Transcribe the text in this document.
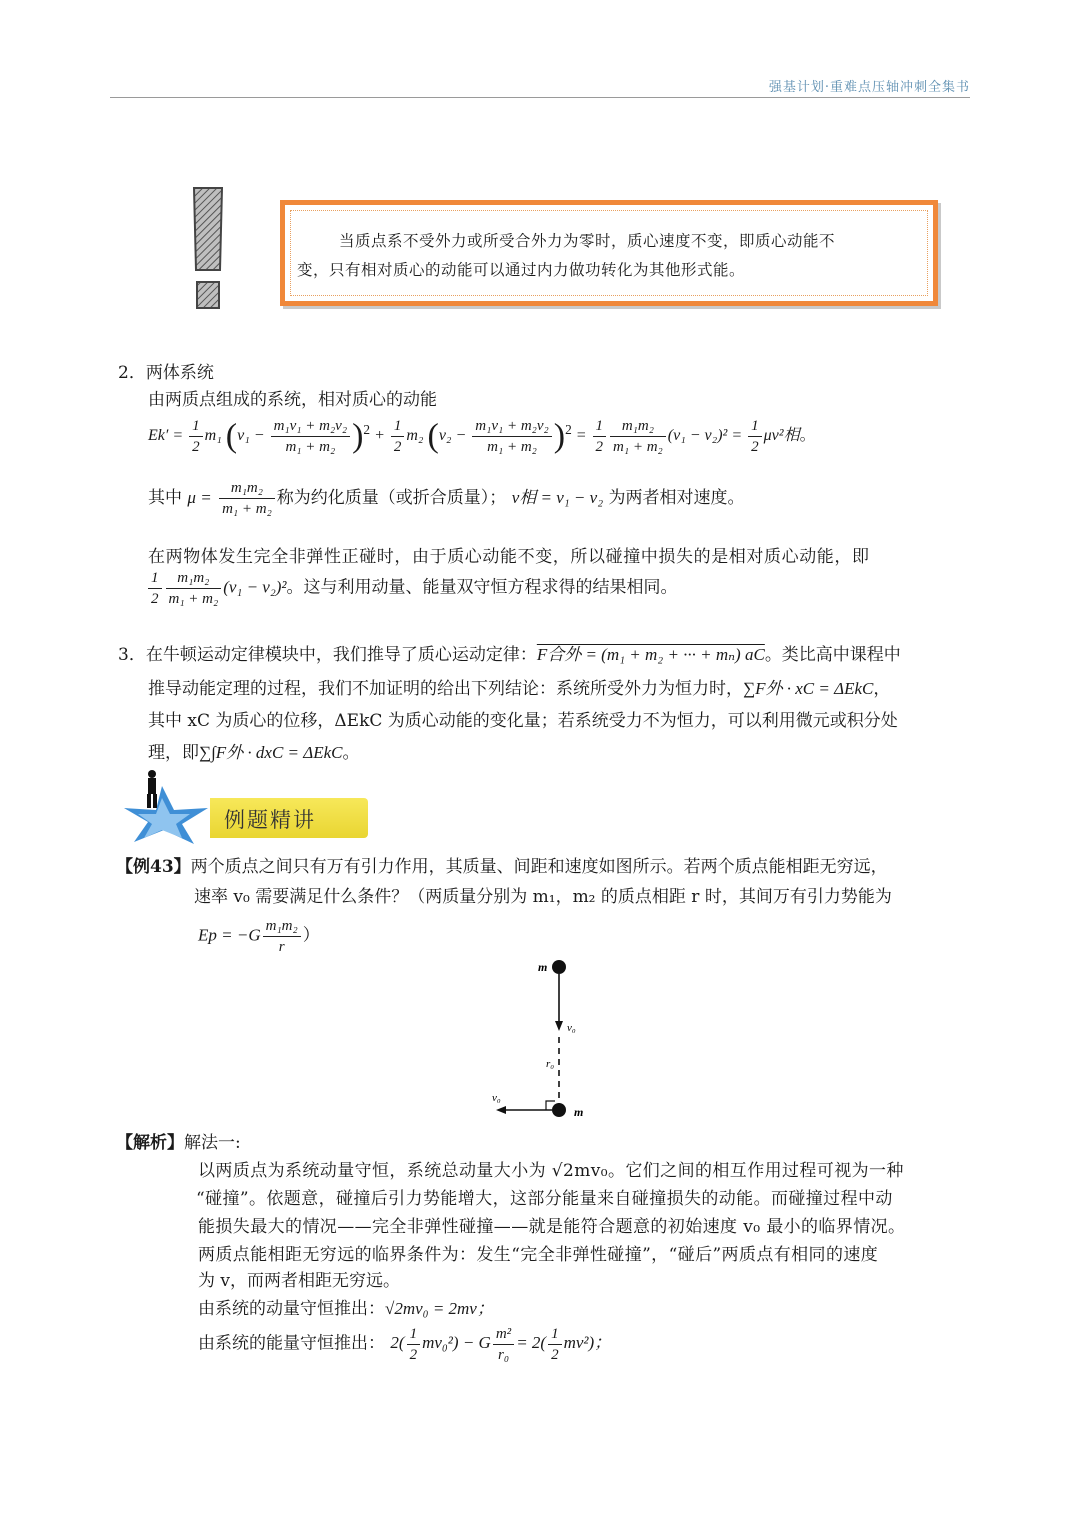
强基计划·重难点压轴冲刺全集书
当质点系不受外力或所受合外力为零时，质心速度不变，即质心动能不
变，只有相对质心的动能可以通过内力做功转化为其他形式能。
2．两体系统
由两质点组成的系统，相对质心的动能
$Ek' = \frac{1}{2} m_1$ $(v_1 - \frac{\text{m₁v₁ + m₂v₂}}{\text{m₁ + m₂}} )^2 + \frac{1}{2} m_2$ $(v_2 - \frac{\text{m₁v₁ + m₂v₂}}{\text{m₁ + m₂}} )^2 = \frac{1}{2} \frac{\text{m₁m₂}}{\text{m₁ + m₂}} (v_1 - v_2)^2 = \frac{1}{2} \mu v^2$相。
其中 $\mu = \frac{\text{m₁m₂}}{\text{m₁ + m₂}}$ 称为约化质量（或折合质量）； v相 = v₁ − v₂ 为两者相对速度。
在两物体发生完全非弹性正碰时，由于质心动能不变，所以碰撞中损失的是相对质心动能，即
$\frac{1}{2} \frac{\text{m₁m₂}}{\text{m₁ + m₂}} (v_1 - v_2)^2$。这与利用动量、能量双守恒方程求得的结果相同。
3．在牛顿运动定律模块中，我们推导了质心运动定律：F合外 = (m₁ + m₂ + ··· + mₙ) aC。类比高中课程中
推导动能定理的过程，我们不加证明的给出下列结论：系统所受外力为恒力时，∑F外 · xC = ΔEkC，
其中 xC 为质心的位移，ΔEkC 为质心动能的变化量；若系统受力不为恒力，可以利用微元或积分处
理，即∑∫F外 · dxC = ΔEkC。
例题精讲
【例43】两个质点之间只有万有引力作用，其质量、间距和速度如图所示。若两个质点能相距无穷远，
速率 v₀ 需要满足什么条件？（两质量分别为 m₁，m₂ 的质点相距 r 时，其间万有引力势能为
$Ep = -G \frac{\text{m₁m₂}}{r}$ ）
m
v₀
r₀
v₀
m
【解析】解法一:
以两质点为系统动量守恒，系统总动量大小为 √2mv₀。它们之间的相互作用过程可视为一种
“碰撞”。依题意，碰撞后引力势能增大，这部分能量来自碰撞损失的动能。而碰撞过程中动
能损失最大的情况——完全非弹性碰撞——就是能符合题意的初始速度 v₀ 最小的临界情况。
两质点能相距无穷远的临界条件为：发生“完全非弹性碰撞”，“碰后”两质点有相同的速度
为 v，而两者相距无穷远。
由系统的动量守恒推出：√2mv₀ = 2mv；
由系统的能量守恒推出： $2( \frac{1}{2} mv_0^2) - G \frac{\text{m²}}{\text{r₀}} = 2( \frac{1}{2} mv^2)$；
